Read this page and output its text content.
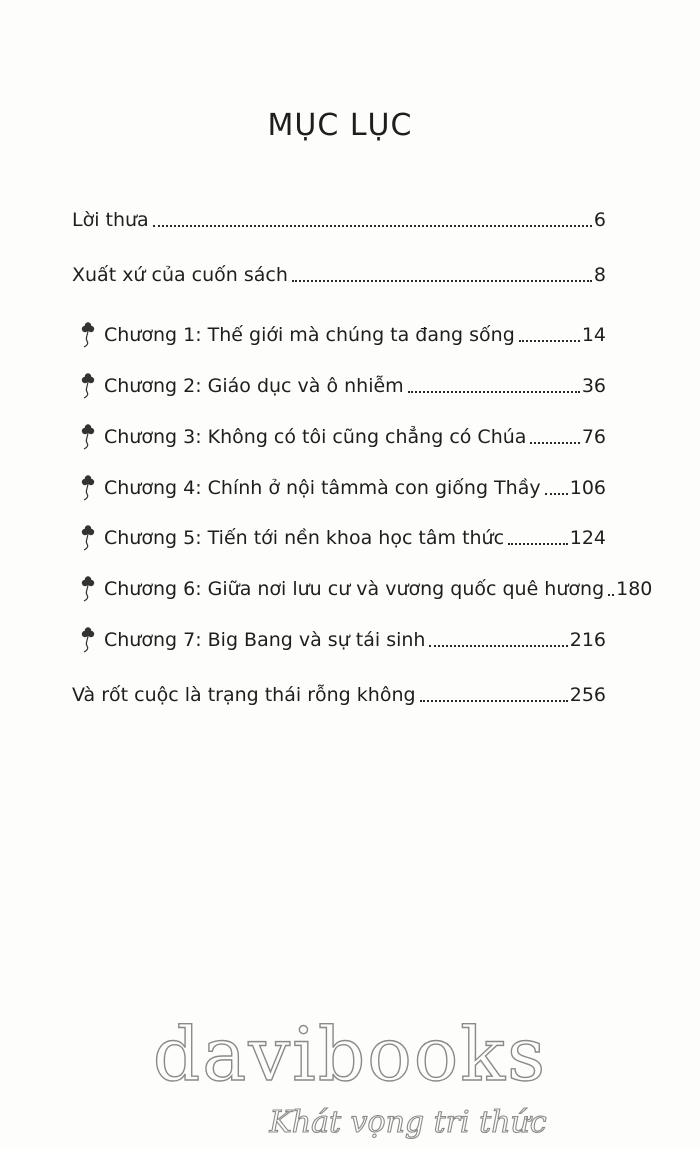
MỤC LỤC
Lời thưa	6
Xuất xứ của cuốn sách	8
Chương 1: Thế giới mà chúng ta đang sống	14
Chương 2: Giáo dục và ô nhiễm	36
Chương 3: Không có tôi cũng chẳng có Chúa	76
Chương 4: Chính ở nội tâmmà con giống Thầy 106
Chương 5: Tiến tới nền khoa học tâm thức	124
Chương 6: Giữa nơi lưu cư và vương quốc quê hương 180
Chương 7: Big Bang và sự tái sinh	216
Và rốt cuộc là trạng thái rỗng không	256
davibooks
Khát vọng tri thức
